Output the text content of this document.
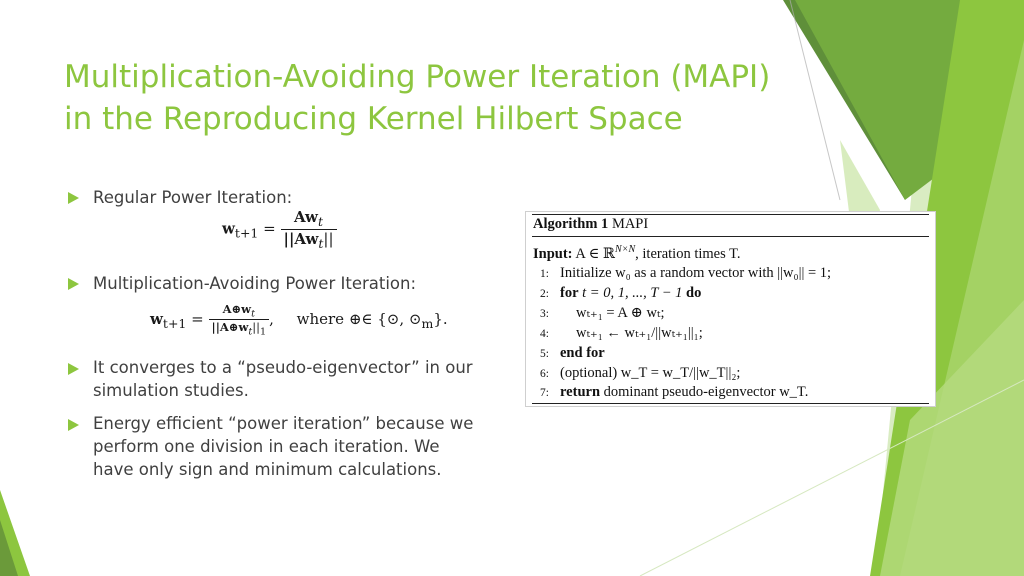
Multiplication-Avoiding Power Iteration (MAPI)
in the Reproducing Kernel Hilbert Space
Regular Power Iteration:
$w_{t+1} = \frac{Aw_t}{||Aw_t||}$
Multiplication-Avoiding Power Iteration:
$w_{t+1} = \frac{A\oplus w_t}{||A\oplus w_t||_1}$ , where ⊕∈ {⊙, $⊙_m$}.
It converges to a “pseudo-eigenvector” in our
simulation studies.
Energy efficient “power iteration” because we
perform one division in each iteration. We
have only sign and minimum calculations.
Algorithm 1 MAPI
Input: A ∈ ℝ$^{N\times N}$, iteration times T.
1: Initialize w₀ as a random vector with ||w₀|| = 1;
2: for t = 0, 1, ..., T − 1 do
3: wₜ₊₁ = A ⊕ wₜ;
4: wₜ₊₁ ← wₜ₊₁/||wₜ₊₁||₁;
5: end for
6: (optional) w_T = w_T/||w_T||₂;
7: return dominant pseudo-eigenvector w_T.
